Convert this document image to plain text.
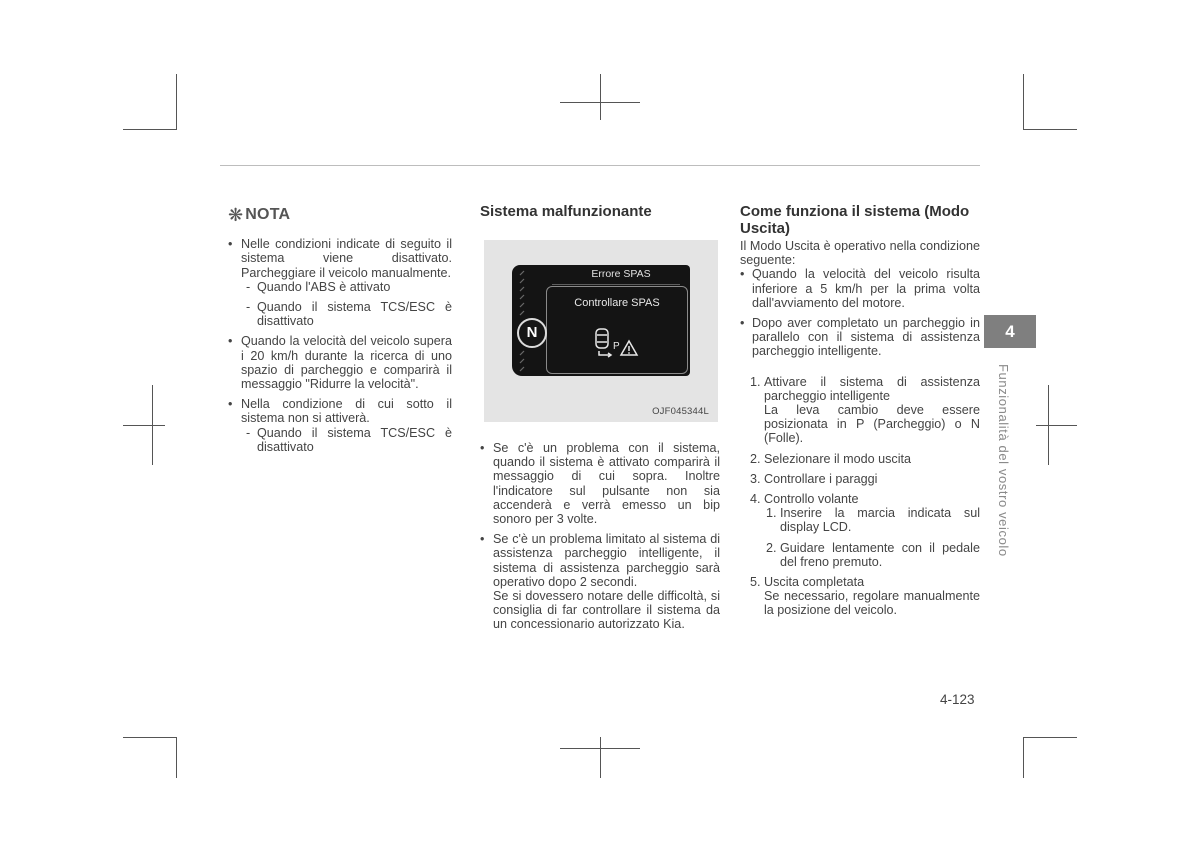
❋ NOTA
• Nelle condizioni indicate di seguito il sistema viene disattivato. Parcheggiare il veicolo manualmente.
- Quando l'ABS è attivato
- Quando il sistema TCS/ESC è disattivato
• Quando la velocità del veicolo supera i 20 km/h durante la ricerca di uno spazio di parcheggio e comparirà il messaggio "Ridurre la velocità".
• Nella condizione di cui sotto il sistema non si attiverà.
- Quando il sistema TCS/ESC è disattivato
Sistema malfunzionante
Errore SPAS
Controllare SPAS
P
N
OJF045344L
• Se c'è un problema con il sistema, quando il sistema è attivato comparirà il messaggio di cui sopra. Inoltre l'indicatore sul pulsante non sia accenderà e verrà emesso un bip sonoro per 3 volte.
• Se c'è un problema limitato al sistema di assistenza parcheggio intelligente, il sistema di assistenza parcheggio sarà operativo dopo 2 secondi.
Se si dovessero notare delle difficoltà, si consiglia di far controllare il sistema da un concessionario autorizzato Kia.
Come funziona il sistema (Modo Uscita)
Il Modo Uscita è operativo nella condizione seguente:
• Quando la velocità del veicolo risulta inferiore a 5 km/h per la prima volta dall'avviamento del motore.
• Dopo aver completato un parcheggio in parallelo con il sistema di assistenza parcheggio intelligente.
1. Attivare il sistema di assistenza parcheggio intelligente
La leva cambio deve essere posizionata in P (Parcheggio) o N (Folle).
2. Selezionare il modo uscita
3. Controllare i paraggi
4. Controllo volante
1. Inserire la marcia indicata sul display LCD.
2. Guidare lentamente con il pedale del freno premuto.
5. Uscita completata
Se necessario, regolare manualmente la posizione del veicolo.
4
Funzionalità del vostro veicolo
4-123
